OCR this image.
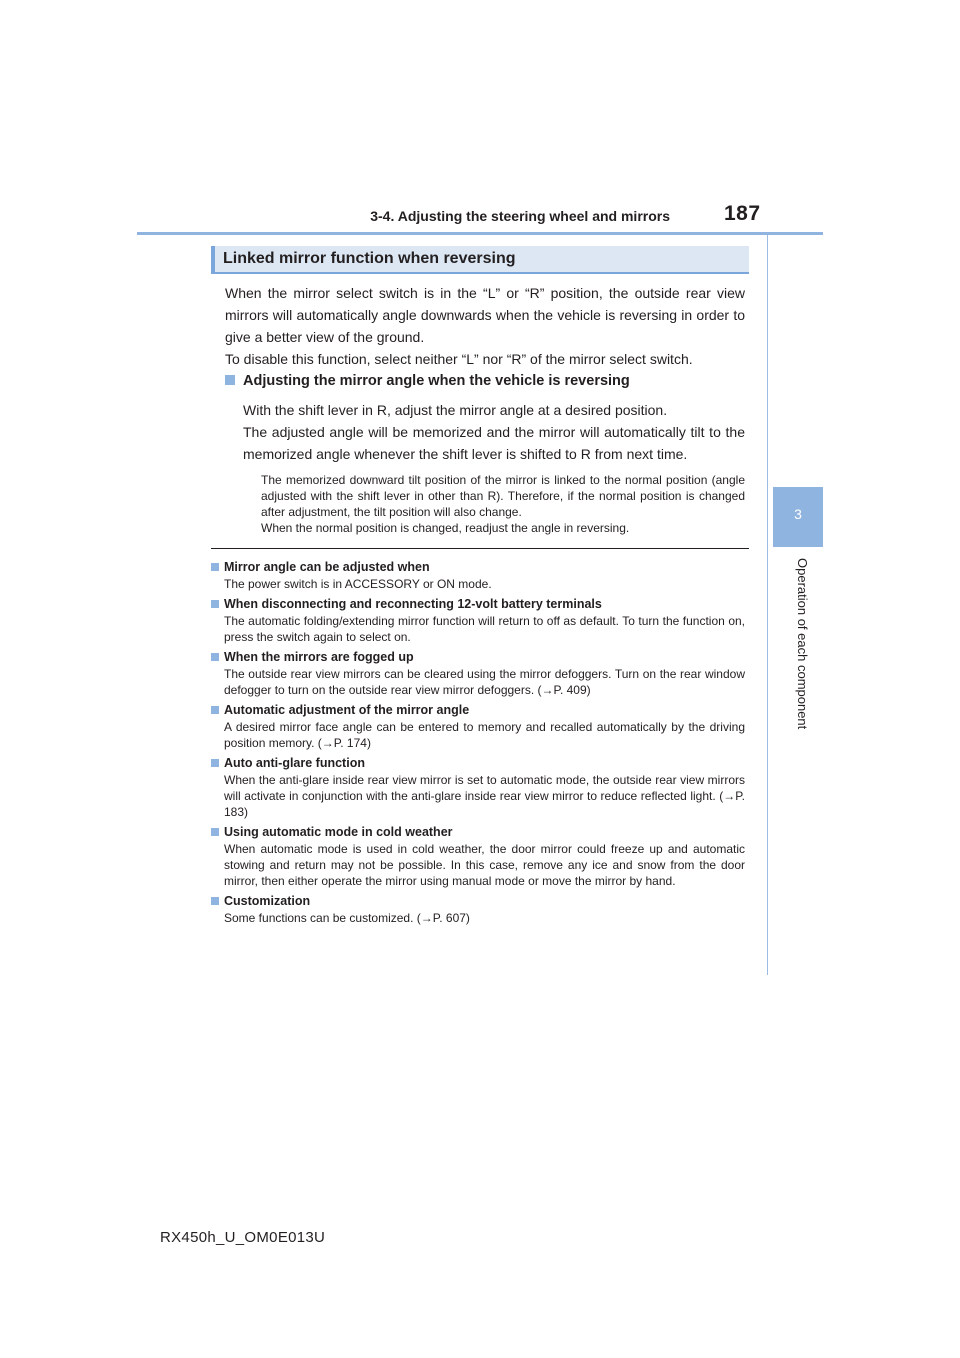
3-4. Adjusting the steering wheel and mirrors	187
3
Operation of each component
Linked mirror function when reversing

When the mirror select switch is in the “L” or “R” position, the outside rear view mirrors will automatically angle downwards when the vehicle is reversing in order to give a better view of the ground.

To disable this function, select neither “L” nor “R” of the mirror select switch.

Adjusting the mirror angle when the vehicle is reversing

With the shift lever in R, adjust the mirror angle at a desired position.

The adjusted angle will be memorized and the mirror will automatically tilt to the memorized angle whenever the shift lever is shifted to R from next time.

The memorized downward tilt position of the mirror is linked to the normal position (angle adjusted with the shift lever in other than R). Therefore, if the normal position is changed after adjustment, the tilt position will also change.

When the normal position is changed, readjust the angle in reversing.

Mirror angle can be adjusted when
The power switch is in ACCESSORY or ON mode.
When disconnecting and reconnecting 12-volt battery terminals
The automatic folding/extending mirror function will return to off as default. To turn the function on, press the switch again to select on.
When the mirrors are fogged up
The outside rear view mirrors can be cleared using the mirror defoggers. Turn on the rear window defogger to turn on the outside rear view mirror defoggers. (→P. 409)
Automatic adjustment of the mirror angle
A desired mirror face angle can be entered to memory and recalled automatically by the driving position memory. (→P. 174)
Auto anti-glare function
When the anti-glare inside rear view mirror is set to automatic mode, the outside rear view mirrors will activate in conjunction with the anti-glare inside rear view mirror to reduce reflected light. (→P. 183)
Using automatic mode in cold weather
When automatic mode is used in cold weather, the door mirror could freeze up and automatic stowing and return may not be possible. In this case, remove any ice and snow from the door mirror, then either operate the mirror using manual mode or move the mirror by hand.
Customization
Some functions can be customized. (→P. 607)
RX450h_U_OM0E013U
